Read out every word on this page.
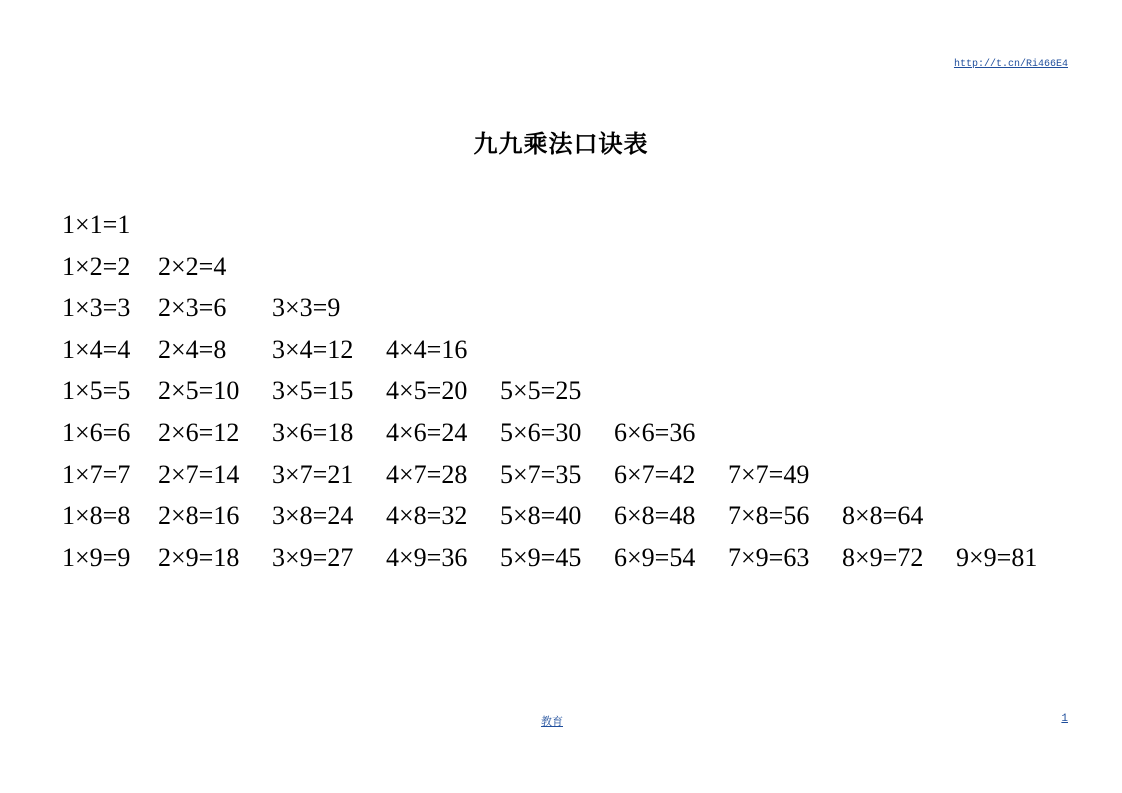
http://t.cn/Ri466E4
九九乘法口诀表
1×1=1
1×2=2 2×2=4
1×3=3 2×3=6 3×3=9
1×4=4 2×4=8 3×4=12 4×4=16
1×5=5 2×5=10 3×5=15 4×5=20 5×5=25
1×6=6 2×6=12 3×6=18 4×6=24 5×6=30 6×6=36
1×7=7 2×7=14 3×7=21 4×7=28 5×7=35 6×7=42 7×7=49
1×8=8 2×8=16 3×8=24 4×8=32 5×8=40 6×8=48 7×8=56 8×8=64
1×9=9 2×9=18 3×9=27 4×9=36 5×9=45 6×9=54 7×9=63 8×9=72 9×9=81
教育	1
